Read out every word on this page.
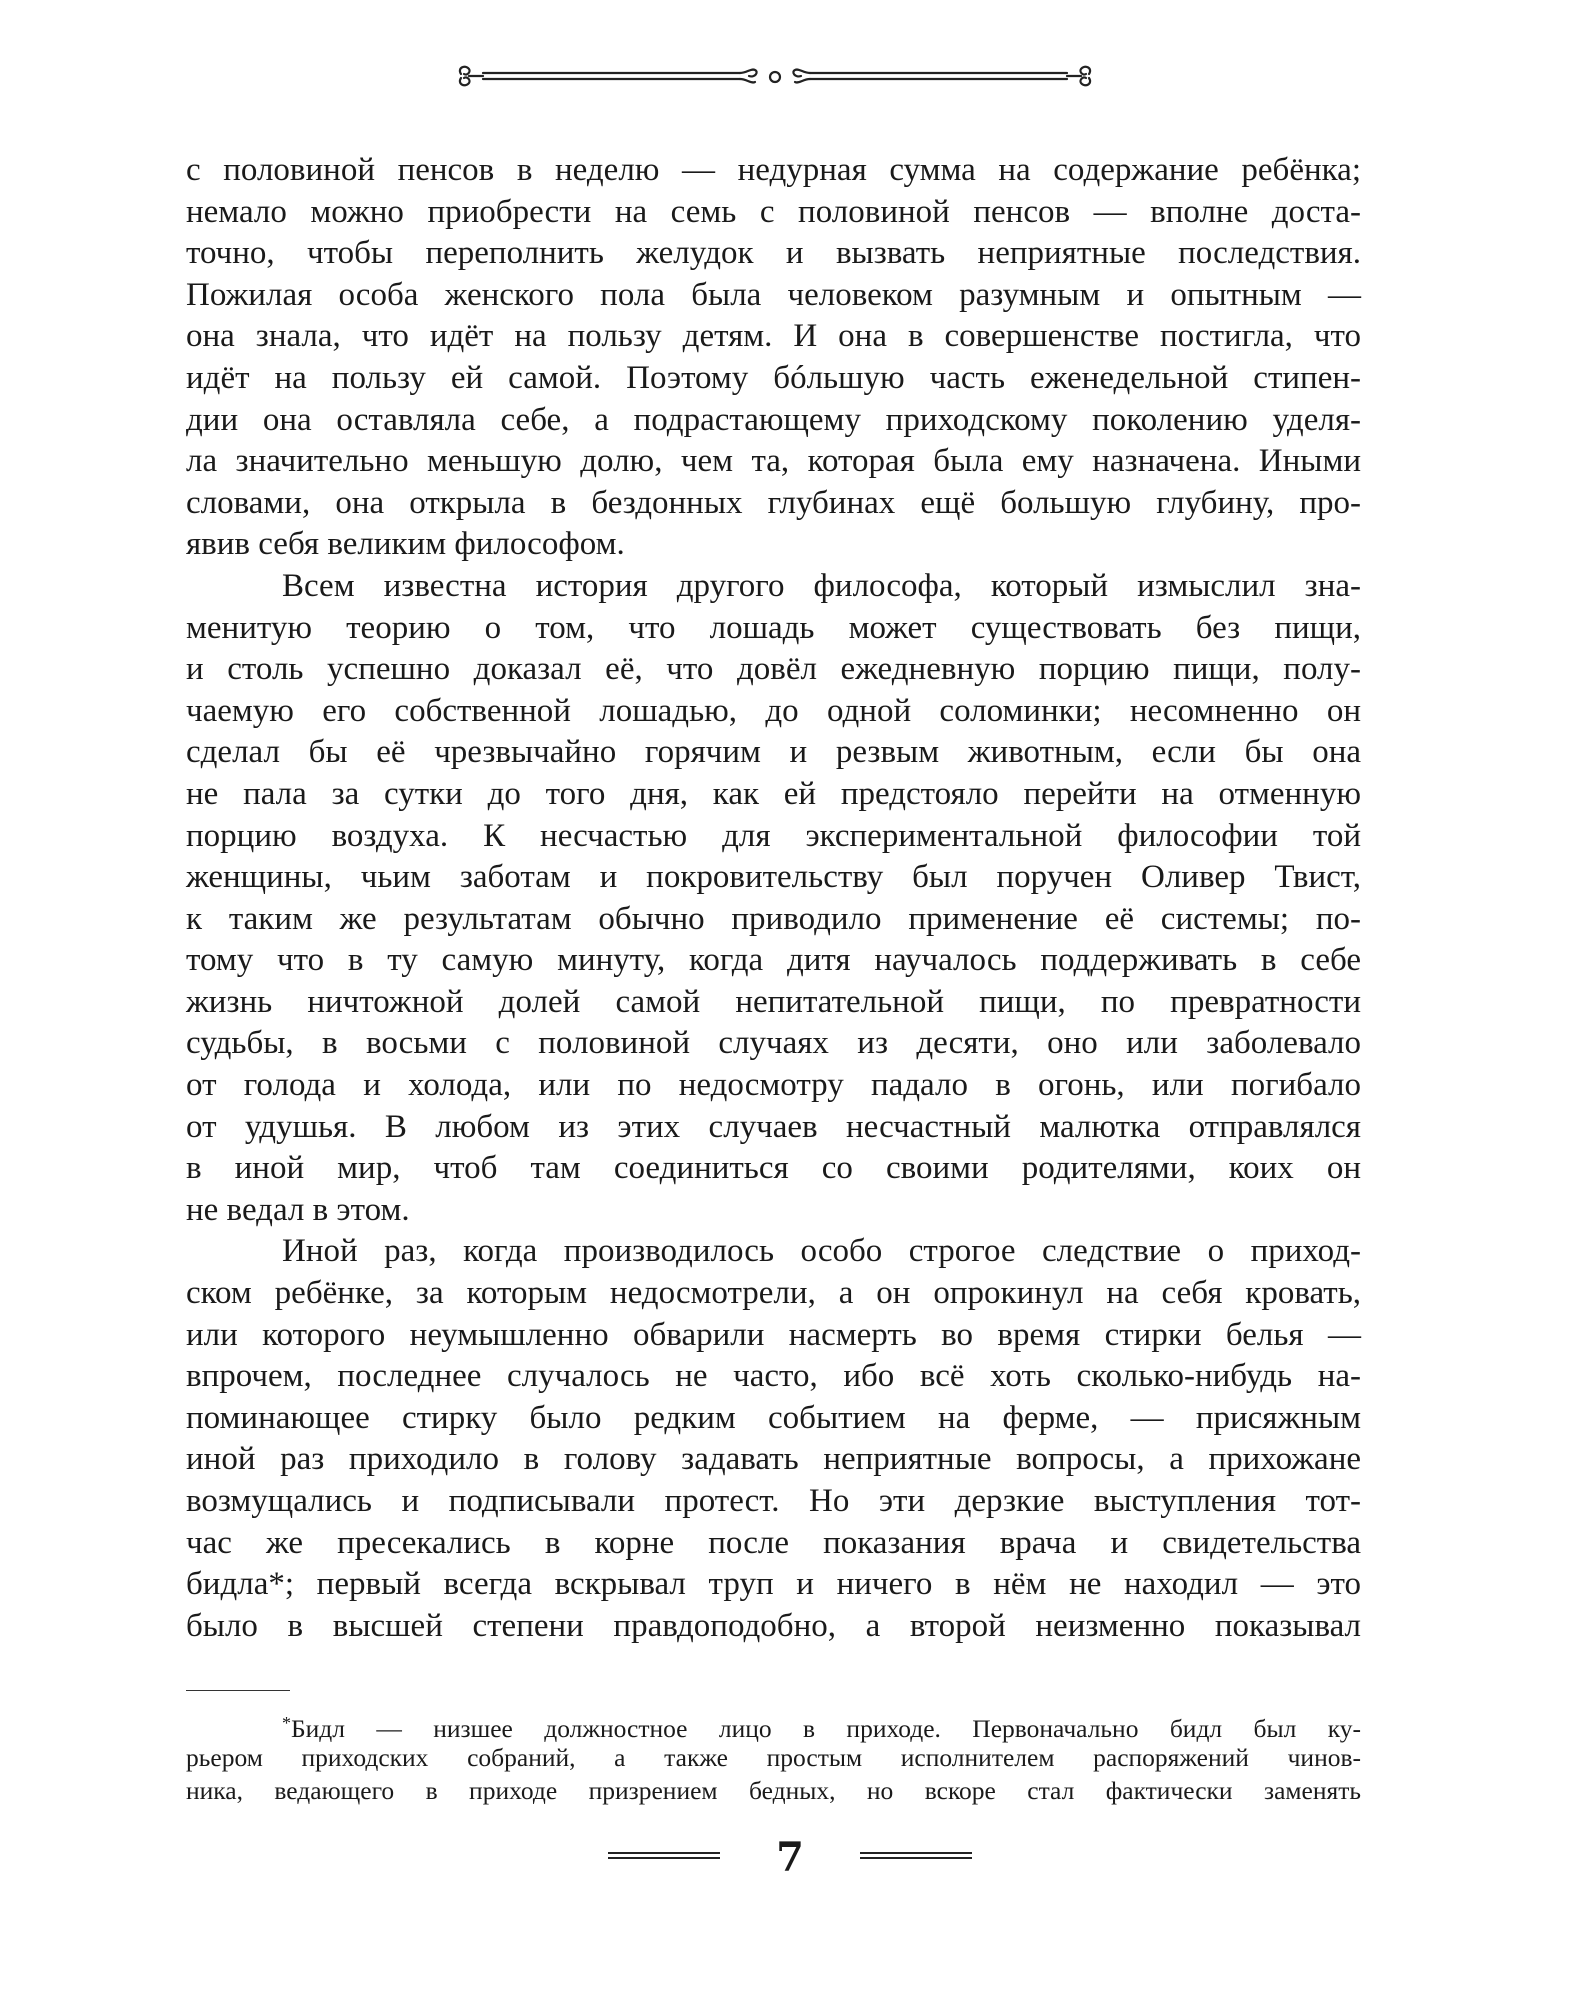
с половиной пенсов в неделю — недурная сумма на содержание ребёнка;
немало можно приобрести на семь с половиной пенсов — вполне доста-
точно, чтобы переполнить желудок и вызвать неприятные последствия.
Пожилая особа женского пола была человеком разумным и опытным —
она знала, что идёт на пользу детям. И она в совершенстве постигла, что
идёт на пользу ей самой. Поэтому бóльшую часть еженедельной стипен-
дии она оставляла себе, а подрастающему приходскому поколению уделя-
ла значительно меньшую долю, чем та, которая была ему назначена. Иными
словами, она открыла в бездонных глубинах ещё большую глубину, про-
явив себя великим философом.
Всем известна история другого философа, который измыслил зна-
менитую теорию о том, что лошадь может существовать без пищи,
и столь успешно доказал её, что довёл ежедневную порцию пищи, полу-
чаемую его собственной лошадью, до одной соломинки; несомненно он
сделал бы её чрезвычайно горячим и резвым животным, если бы она
не пала за сутки до того дня, как ей предстояло перейти на отменную
порцию воздуха. К несчастью для экспериментальной философии той
женщины, чьим заботам и покровительству был поручен Оливер Твист,
к таким же результатам обычно приводило применение её системы; по-
тому что в ту самую минуту, когда дитя научалось поддерживать в себе
жизнь ничтожной долей самой непитательной пищи, по превратности
судьбы, в восьми с половиной случаях из десяти, оно или заболевало
от голода и холода, или по недосмотру падало в огонь, или погибало
от удушья. В любом из этих случаев несчастный малютка отправлялся
в иной мир, чтоб там соединиться со своими родителями, коих он
не ведал в этом.
Иной раз, когда производилось особо строгое следствие о приход-
ском ребёнке, за которым недосмотрели, а он опрокинул на себя кровать,
или которого неумышленно обварили насмерть во время стирки белья —
впрочем, последнее случалось не часто, ибо всё хоть сколько-нибудь на-
поминающее стирку было редким событием на ферме, — присяжным
иной раз приходило в голову задавать неприятные вопросы, а прихожане
возмущались и подписывали протест. Но эти дерзкие выступления тот-
час же пресекались в корне после показания врача и свидетельства
бидла*; первый всегда вскрывал труп и ничего в нём не находил — это
было в высшей степени правдоподобно, а второй неизменно показывал
*Бидл — низшее должностное лицо в приходе. Первоначально бидл был ку-
рьером приходских собраний, а также простым исполнителем распоряжений чинов-
ника, ведающего в приходе призрением бедных, но вскоре стал фактически заменять
7
